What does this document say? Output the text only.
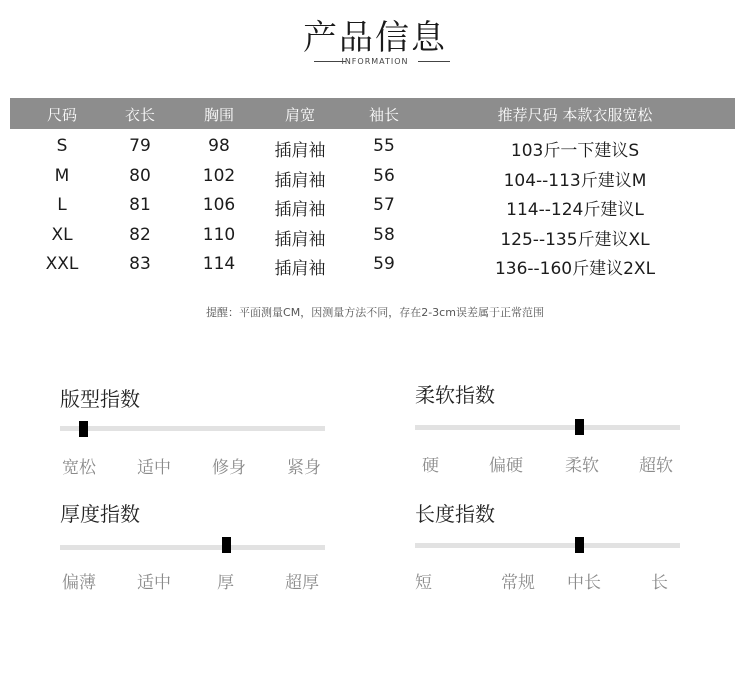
产品信息
INFORMATION
尺码	衣长	胸围	肩宽	袖长	推荐尺码 本款衣服宽松
S	79	98	插肩袖	55	103斤一下建议S
M	80	102 插肩袖	56	104--113斤建议M
L	81	106 插肩袖	57	114--124斤建议L
XL	82	110 插肩袖	58	125--135斤建议XL
XXL	83	114 插肩袖	59	136--160斤建议2XL
提醒：平面测量CM，因测量方法不同，存在2-3cm误差属于正常范围
版型指数
宽松 适中 修身 紧身
柔软指数
硬	偏硬 柔软 超软
厚度指数
偏薄 适中	厚	超厚
长度指数
短	常规 中长	长
